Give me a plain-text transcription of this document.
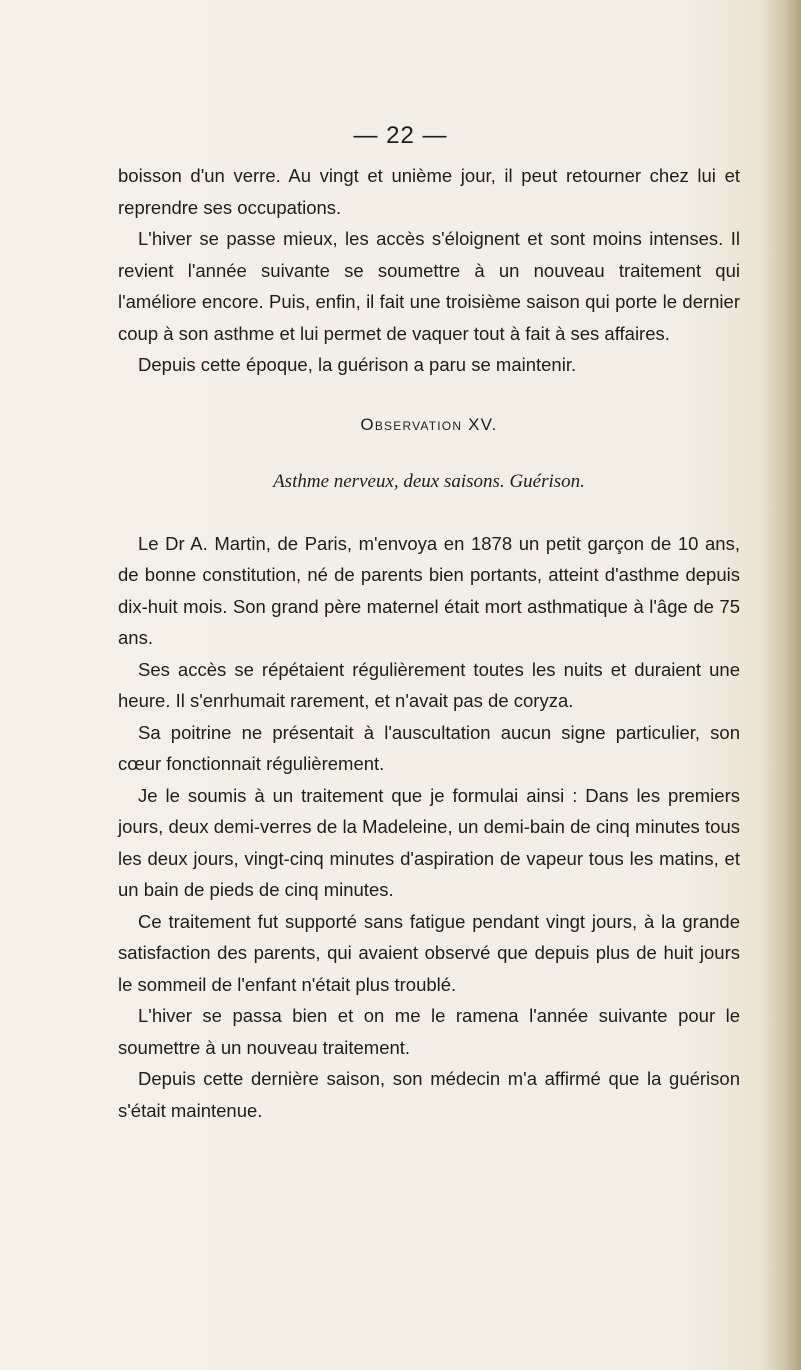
— 22 —

boisson d'un verre. Au vingt et unième jour, il peut retourner chez lui et reprendre ses occupations.

L'hiver se passe mieux, les accès s'éloignent et sont moins intenses. Il revient l'année suivante se soumettre à un nouveau traitement qui l'améliore encore. Puis, enfin, il fait une troisième saison qui porte le dernier coup à son asthme et lui permet de vaquer tout à fait à ses affaires.

Depuis cette époque, la guérison a paru se maintenir.

Observation XV.

Asthme nerveux, deux saisons. Guérison.

Le Dr A. Martin, de Paris, m'envoya en 1878 un petit garçon de 10 ans, de bonne constitution, né de parents bien portants, atteint d'asthme depuis dix-huit mois. Son grand père maternel était mort asthmatique à l'âge de 75 ans.

Ses accès se répétaient régulièrement toutes les nuits et duraient une heure. Il s'enrhumait rarement, et n'avait pas de coryza.

Sa poitrine ne présentait à l'auscultation aucun signe particulier, son cœur fonctionnait régulièrement.

Je le soumis à un traitement que je formulai ainsi : Dans les premiers jours, deux demi-verres de la Madeleine, un demi-bain de cinq minutes tous les deux jours, vingt-cinq minutes d'aspiration de vapeur tous les matins, et un bain de pieds de cinq minutes.

Ce traitement fut supporté sans fatigue pendant vingt jours, à la grande satisfaction des parents, qui avaient observé que depuis plus de huit jours le sommeil de l'enfant n'était plus troublé.

L'hiver se passa bien et on me le ramena l'année suivante pour le soumettre à un nouveau traitement.

Depuis cette dernière saison, son médecin m'a affirmé que la guérison s'était maintenue.
